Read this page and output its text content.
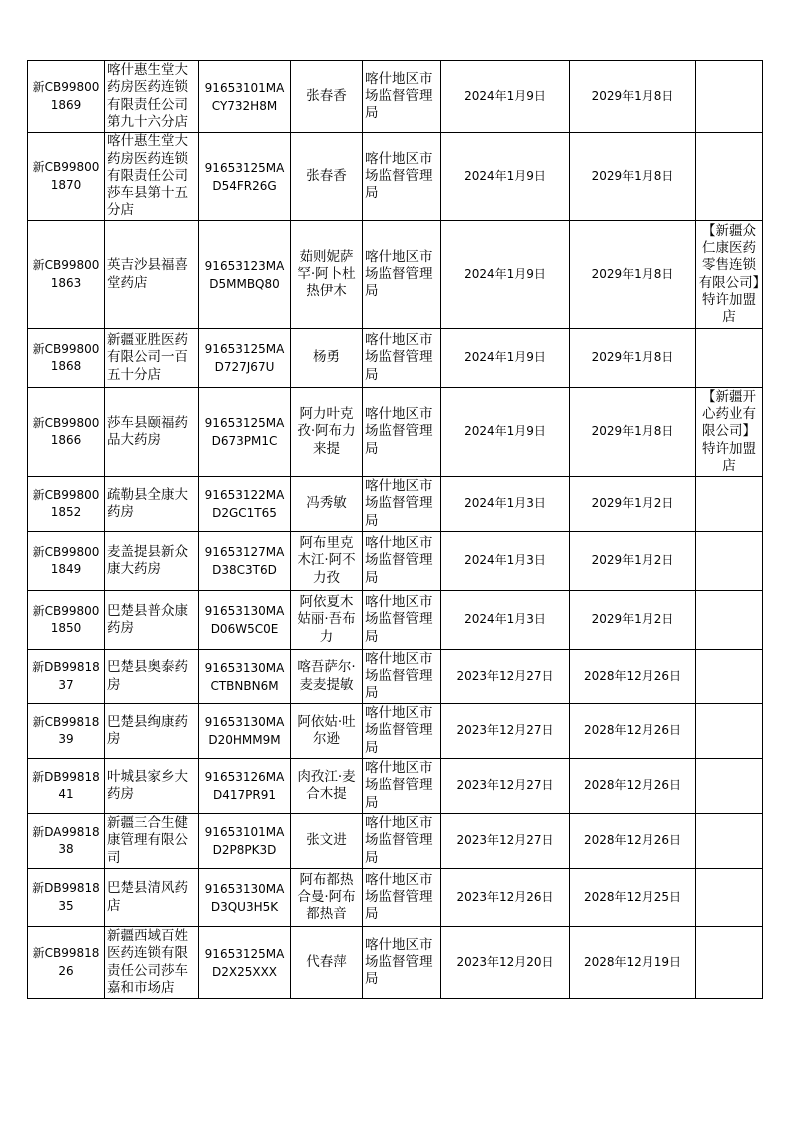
新CB998001869	喀什惠生堂大药房医药连锁有限责任公司第九十六分店	91653101MACY732H8M	张春香	喀什地区市场监督管理局	2024年1月9日	2029年1月8日	

新CB998001870	喀什惠生堂大药房医药连锁有限责任公司莎车县第十五分店	91653125MAD54FR26G	张春香	喀什地区市场监督管理局	2024年1月9日	2029年1月8日	

新CB998001863	英吉沙县福喜堂药店	91653123MAD5MMBQ80	茹则妮萨罕·阿卜杜热伊木	喀什地区市场监督管理局	2024年1月9日	2029年1月8日	【新疆众仁康医药零售连锁有限公司】特许加盟店

新CB998001868	新疆亚胜医药有限公司一百五十分店	91653125MAD727J67U	杨勇	喀什地区市场监督管理局	2024年1月9日	2029年1月8日	

新CB998001866	莎车县颐福药品大药房	91653125MAD673PM1C	阿力叶克孜·阿布力来提	喀什地区市场监督管理局	2024年1月9日	2029年1月8日	【新疆开心药业有限公司】特许加盟店

新CB998001852	疏勒县全康大药房	91653122MAD2GC1T65	冯秀敏	喀什地区市场监督管理局	2024年1月3日	2029年1月2日	

新CB998001849	麦盖提县新众康大药房	91653127MAD38C3T6D	阿布里克木江·阿不力孜	喀什地区市场监督管理局	2024年1月3日	2029年1月2日	

新CB998001850	巴楚县普众康药房	91653130MAD06W5C0E	阿依夏木姑丽·吾布力	喀什地区市场监督管理局	2024年1月3日	2029年1月2日	

新DB9981837	巴楚县奥泰药房	91653130MACTBNBN6M	喀吾萨尔·麦麦提敏	喀什地区市场监督管理局	2023年12月27日	2028年12月26日	

新CB9981839	巴楚县绚康药房	91653130MAD20HMM9M	阿依姑·吐尔逊	喀什地区市场监督管理局	2023年12月27日	2028年12月26日	

新DB9981841	叶城县家乡大药房	91653126MAD417PR91	肉孜江·麦合木提	喀什地区市场监督管理局	2023年12月27日	2028年12月26日	

新DA9981838	新疆三合生健康管理有限公司	91653101MAD2P8PK3D	张文进	喀什地区市场监督管理局	2023年12月27日	2028年12月26日	

新DB9981835	巴楚县清风药店	91653130MAD3QU3H5K	阿布都热合曼·阿布都热音	喀什地区市场监督管理局	2023年12月26日	2028年12月25日	

新CB9981826	新疆西域百姓医药连锁有限责任公司莎车嘉和市场店	91653125MAD2X25XXX	代春萍	喀什地区市场监督管理局	2023年12月20日	2028年12月19日	
